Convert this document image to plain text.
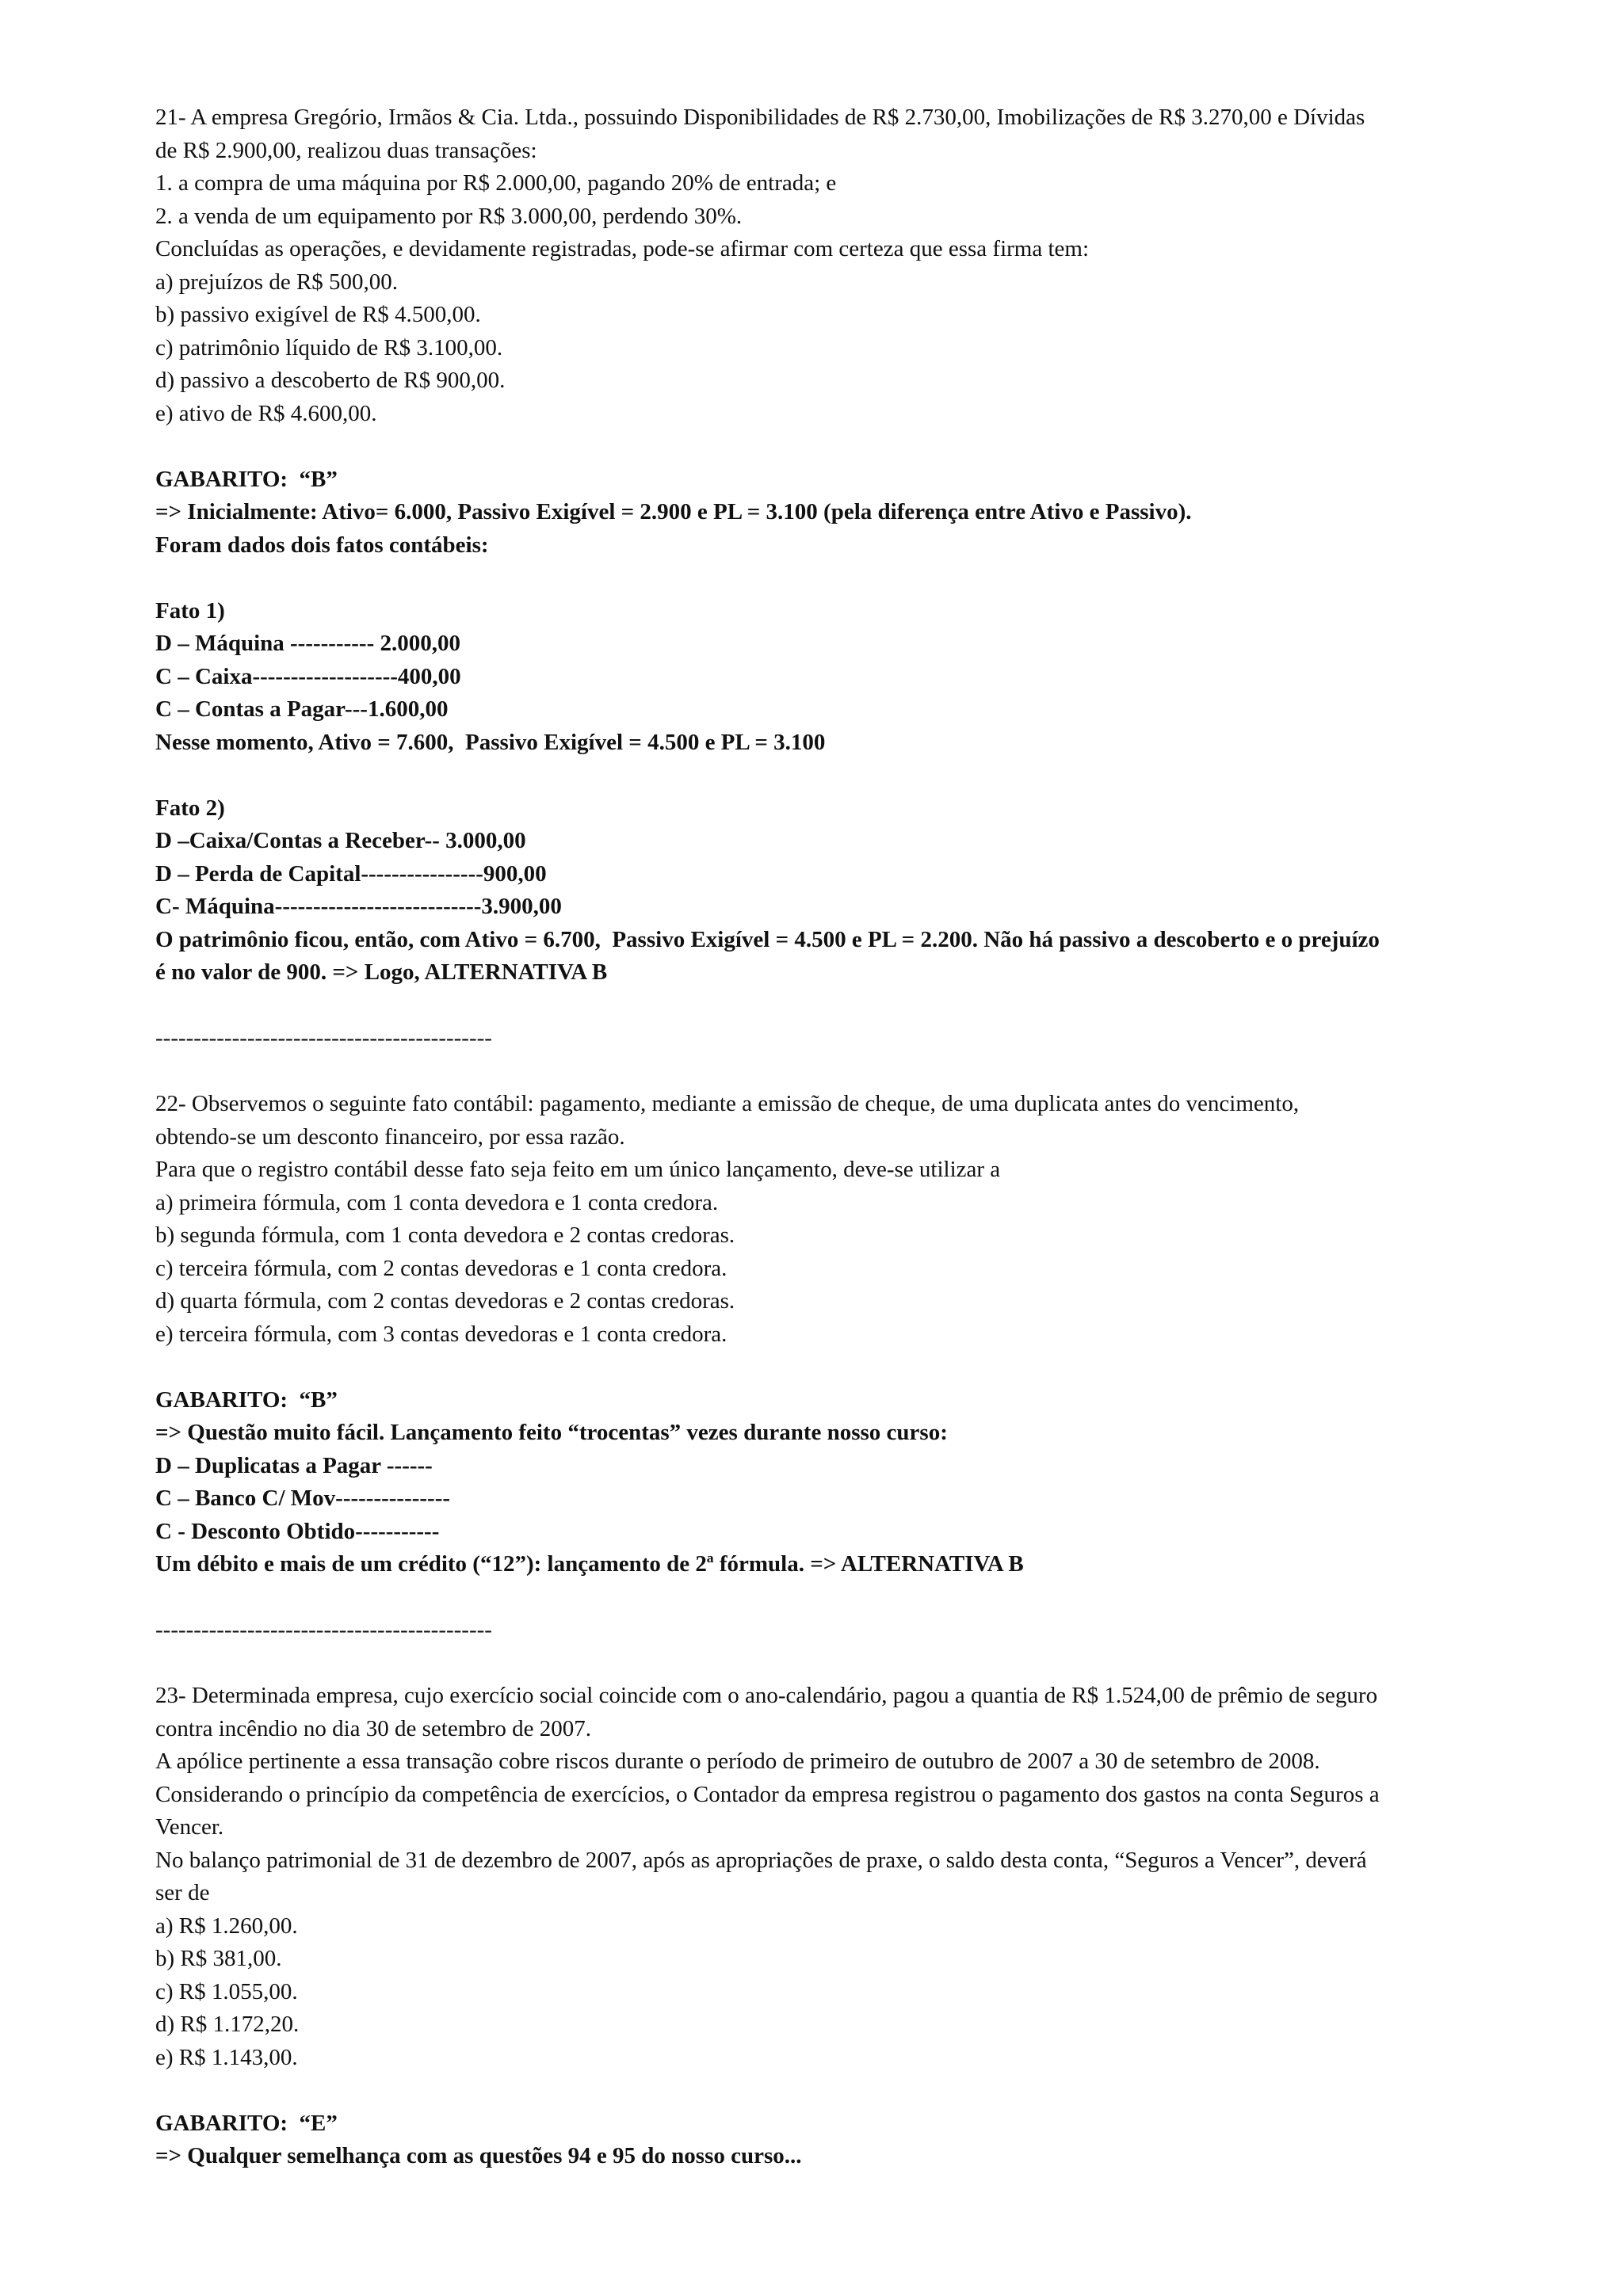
21- A empresa Gregório, Irmãos & Cia. Ltda., possuindo Disponibilidades de R$ 2.730,00, Imobilizações de R$ 3.270,00 e Dívidas
de R$ 2.900,00, realizou duas transações:
1. a compra de uma máquina por R$ 2.000,00, pagando 20% de entrada; e
2. a venda de um equipamento por R$ 3.000,00, perdendo 30%.
Concluídas as operações, e devidamente registradas, pode-se afirmar com certeza que essa firma tem:
a) prejuízos de R$ 500,00.
b) passivo exigível de R$ 4.500,00.
c) patrimônio líquido de R$ 3.100,00.
d) passivo a descoberto de R$ 900,00.
e) ativo de R$ 4.600,00.
GABARITO:  “B”
=> Inicialmente: Ativo= 6.000, Passivo Exigível = 2.900 e PL = 3.100 (pela diferença entre Ativo e Passivo).
Foram dados dois fatos contábeis:
Fato 1)
D – Máquina ----------- 2.000,00
C – Caixa-------------------400,00
C – Contas a Pagar---1.600,00
Nesse momento, Ativo = 7.600,  Passivo Exigível = 4.500 e PL = 3.100
Fato 2)
D –Caixa/Contas a Receber-- 3.000,00
D – Perda de Capital----------------900,00
C- Máquina---------------------------3.900,00
O patrimônio ficou, então, com Ativo = 6.700,  Passivo Exigível = 4.500 e PL = 2.200. Não há passivo a descoberto e o prejuízo
é no valor de 900. => Logo, ALTERNATIVA B
--------------------------------------------
22- Observemos o seguinte fato contábil: pagamento, mediante a emissão de cheque, de uma duplicata antes do vencimento,
obtendo-se um desconto financeiro, por essa razão.
Para que o registro contábil desse fato seja feito em um único lançamento, deve-se utilizar a
a) primeira fórmula, com 1 conta devedora e 1 conta credora.
b) segunda fórmula, com 1 conta devedora e 2 contas credoras.
c) terceira fórmula, com 2 contas devedoras e 1 conta credora.
d) quarta fórmula, com 2 contas devedoras e 2 contas credoras.
e) terceira fórmula, com 3 contas devedoras e 1 conta credora.
GABARITO:  “B”
=> Questão muito fácil. Lançamento feito “trocentas” vezes durante nosso curso:
D – Duplicatas a Pagar ------
C – Banco C/ Mov---------------
C - Desconto Obtido-----------
Um débito e mais de um crédito (“12”): lançamento de 2ª fórmula. => ALTERNATIVA B
--------------------------------------------
23- Determinada empresa, cujo exercício social coincide com o ano-calendário, pagou a quantia de R$ 1.524,00 de prêmio de seguro
contra incêndio no dia 30 de setembro de 2007.
A apólice pertinente a essa transação cobre riscos durante o período de primeiro de outubro de 2007 a 30 de setembro de 2008.
Considerando o princípio da competência de exercícios, o Contador da empresa registrou o pagamento dos gastos na conta Seguros a
Vencer.
No balanço patrimonial de 31 de dezembro de 2007, após as apropriações de praxe, o saldo desta conta, “Seguros a Vencer”, deverá
ser de
a) R$ 1.260,00.
b) R$ 381,00.
c) R$ 1.055,00.
d) R$ 1.172,20.
e) R$ 1.143,00.
GABARITO:  “E”
=> Qualquer semelhança com as questões 94 e 95 do nosso curso...
